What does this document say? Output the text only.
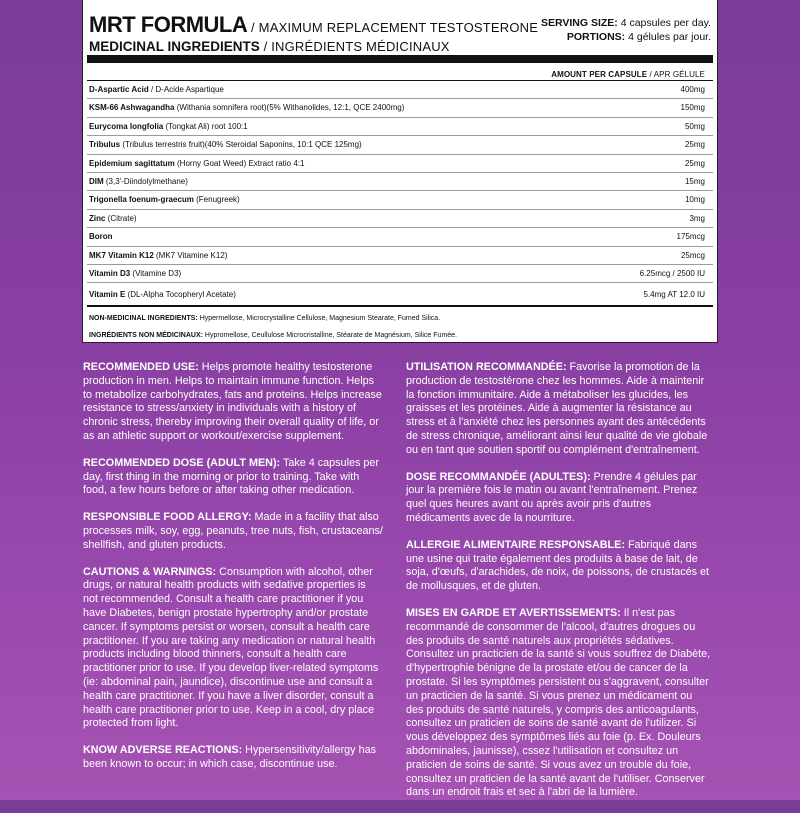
MRT FORMULA / MAXIMUM REPLACEMENT TESTOSTERONE
MEDICINAL INGREDIENTS / INGRÉDIENTS MÉDICINAUX
SERVING SIZE: 4 capsules per day.
PORTIONS: 4 gélules par jour.
AMOUNT PER CAPSULE / APR GÉLULE
D-Aspartic Acid / D-Acide Aspartique	400mg
KSM-66 Ashwagandha (Withania somnifera root)(5% Withanolides, 12:1, QCE 2400mg)	150mg
Eurycoma longfolia (Tongkat Ali) root 100:1	50mg
Tribulus (Tribulus terrestris fruit)(40% Steroidal Saponins, 10:1 QCE 125mg)	25mg
Epidemium sagittatum (Horny Goat Weed) Extract ratio 4:1	25mg
DIM (3,3'-Diindolylmethane)	15mg
Trigonella foenum-graecum (Fenugreek)	10mg
Zinc (Citrate)	3mg
Boron	175mcg
MK7 Vitamin K12 (MK7 Vitamine K12)	25mcg
Vitamin D3 (Vitamine D3)	6.25mcg / 2500 IU
Vitamin E (DL-Alpha Tocopheryl Acetate)	5.4mg AT 12.0 IU
NON-MEDICINAL INGREDIENTS: Hypermellose, Microcrystalline Cellulose, Magnesium Stearate, Fumed Silica.
INGRÉDIENTS NON MÉDICINAUX: Hypromellose, Ceullulose Microcristalline, Stéarate de Magnésium, Silice Fumée.

RECOMMENDED USE: Helps promote healthy testosterone production in men. Helps to maintain immune function. Helps to metabolize carbohydrates, fats and proteins. Helps increase resistance to stress/anxiety in individuals with a history of chronic stress, thereby improving their overall quality of life, or as an athletic support or workout/exercise supplement.

RECOMMENDED DOSE (ADULT MEN): Take 4 capsules per day, first thing in the morning or prior to training. Take with food, a few hours before or after taking other medication.

RESPONSIBLE FOOD ALLERGY: Made in a facility that also processes milk, soy, egg, peanuts, tree nuts, fish, crustaceans/ shellfish, and gluten products.

CAUTIONS & WARNINGS: Consumption with alcohol, other drugs, or natural health products with sedative properties is not recommended. Consult a health care practitioner if you have Diabetes, benign prostate hypertrophy and/or prostate cancer. If symptoms persist or worsen, consult a health care practitioner. If you are taking any medication or natural health products including blood thinners, consult a health care practitioner prior to use. If you develop liver-related symptoms (ie: abdominal pain, jaundice), discontinue use and consult a health care practitioner. If you have a liver disorder, consult a health care practitioner prior to use. Keep in a cool, dry place protected from light.

KNOW ADVERSE REACTIONS: Hypersensitivity/allergy has been known to occur; in which case, discontinue use.

UTILISATION RECOMMANDÉE: Favorise la promotion de la production de testostérone chez les hommes. Aide à maintenir la fonction immunitaire. Aide à métaboliser les glucides, les graisses et les protéines. Aide à augmenter la résistance au stress et à l'anxiété chez les personnes ayant des antécédents de stress chronique, améliorant ainsi leur qualité de vie globale ou en tant que soutien sportif ou complément d'entraînement.

DOSE RECOMMANDÉE (ADULTES): Prendre 4 gélules par jour la première fois le matin ou avant l'entraînement. Prenez quel ques heures avant ou après avoir pris d'autres médicaments avec de la nourriture.

ALLERGIE ALIMENTAIRE RESPONSABLE: Fabriqué dans une usine qui traite également des produits à base de lait, de soja, d'œufs, d'arachides, de noix, de poissons, de crustacés et de mollusques, et de gluten.

MISES EN GARDE ET AVERTISSEMENTS: Il n'est pas recommandé de consommer de l'alcool, d'autres drogues ou des produits de santé naturels aux propriétés sédatives. Consultez un practicien de la santé si vous souffrez de Diabète, d'hypertrophie bénigne de la prostate et/ou de cancer de la prostate. Si les symptômes persistent ou s'aggravent, consulter un practicien de la santé. Si vous prenez un médicament ou des produits de santé naturels, y compris des anticoagulants, consultez un praticien de soins de santé avant de l'utilizer. Si vous développez des symptômes liés au foie (p. Ex. Douleurs abdominales, jaunisse), cssez l'utilisation et consultez un praticien de soins de santé. Si vous avez un trouble du foie, consultez un praticien de la santé avant de l'utiliser. Conserver dans un endroit frais et sec à l'abri de la lumière.
